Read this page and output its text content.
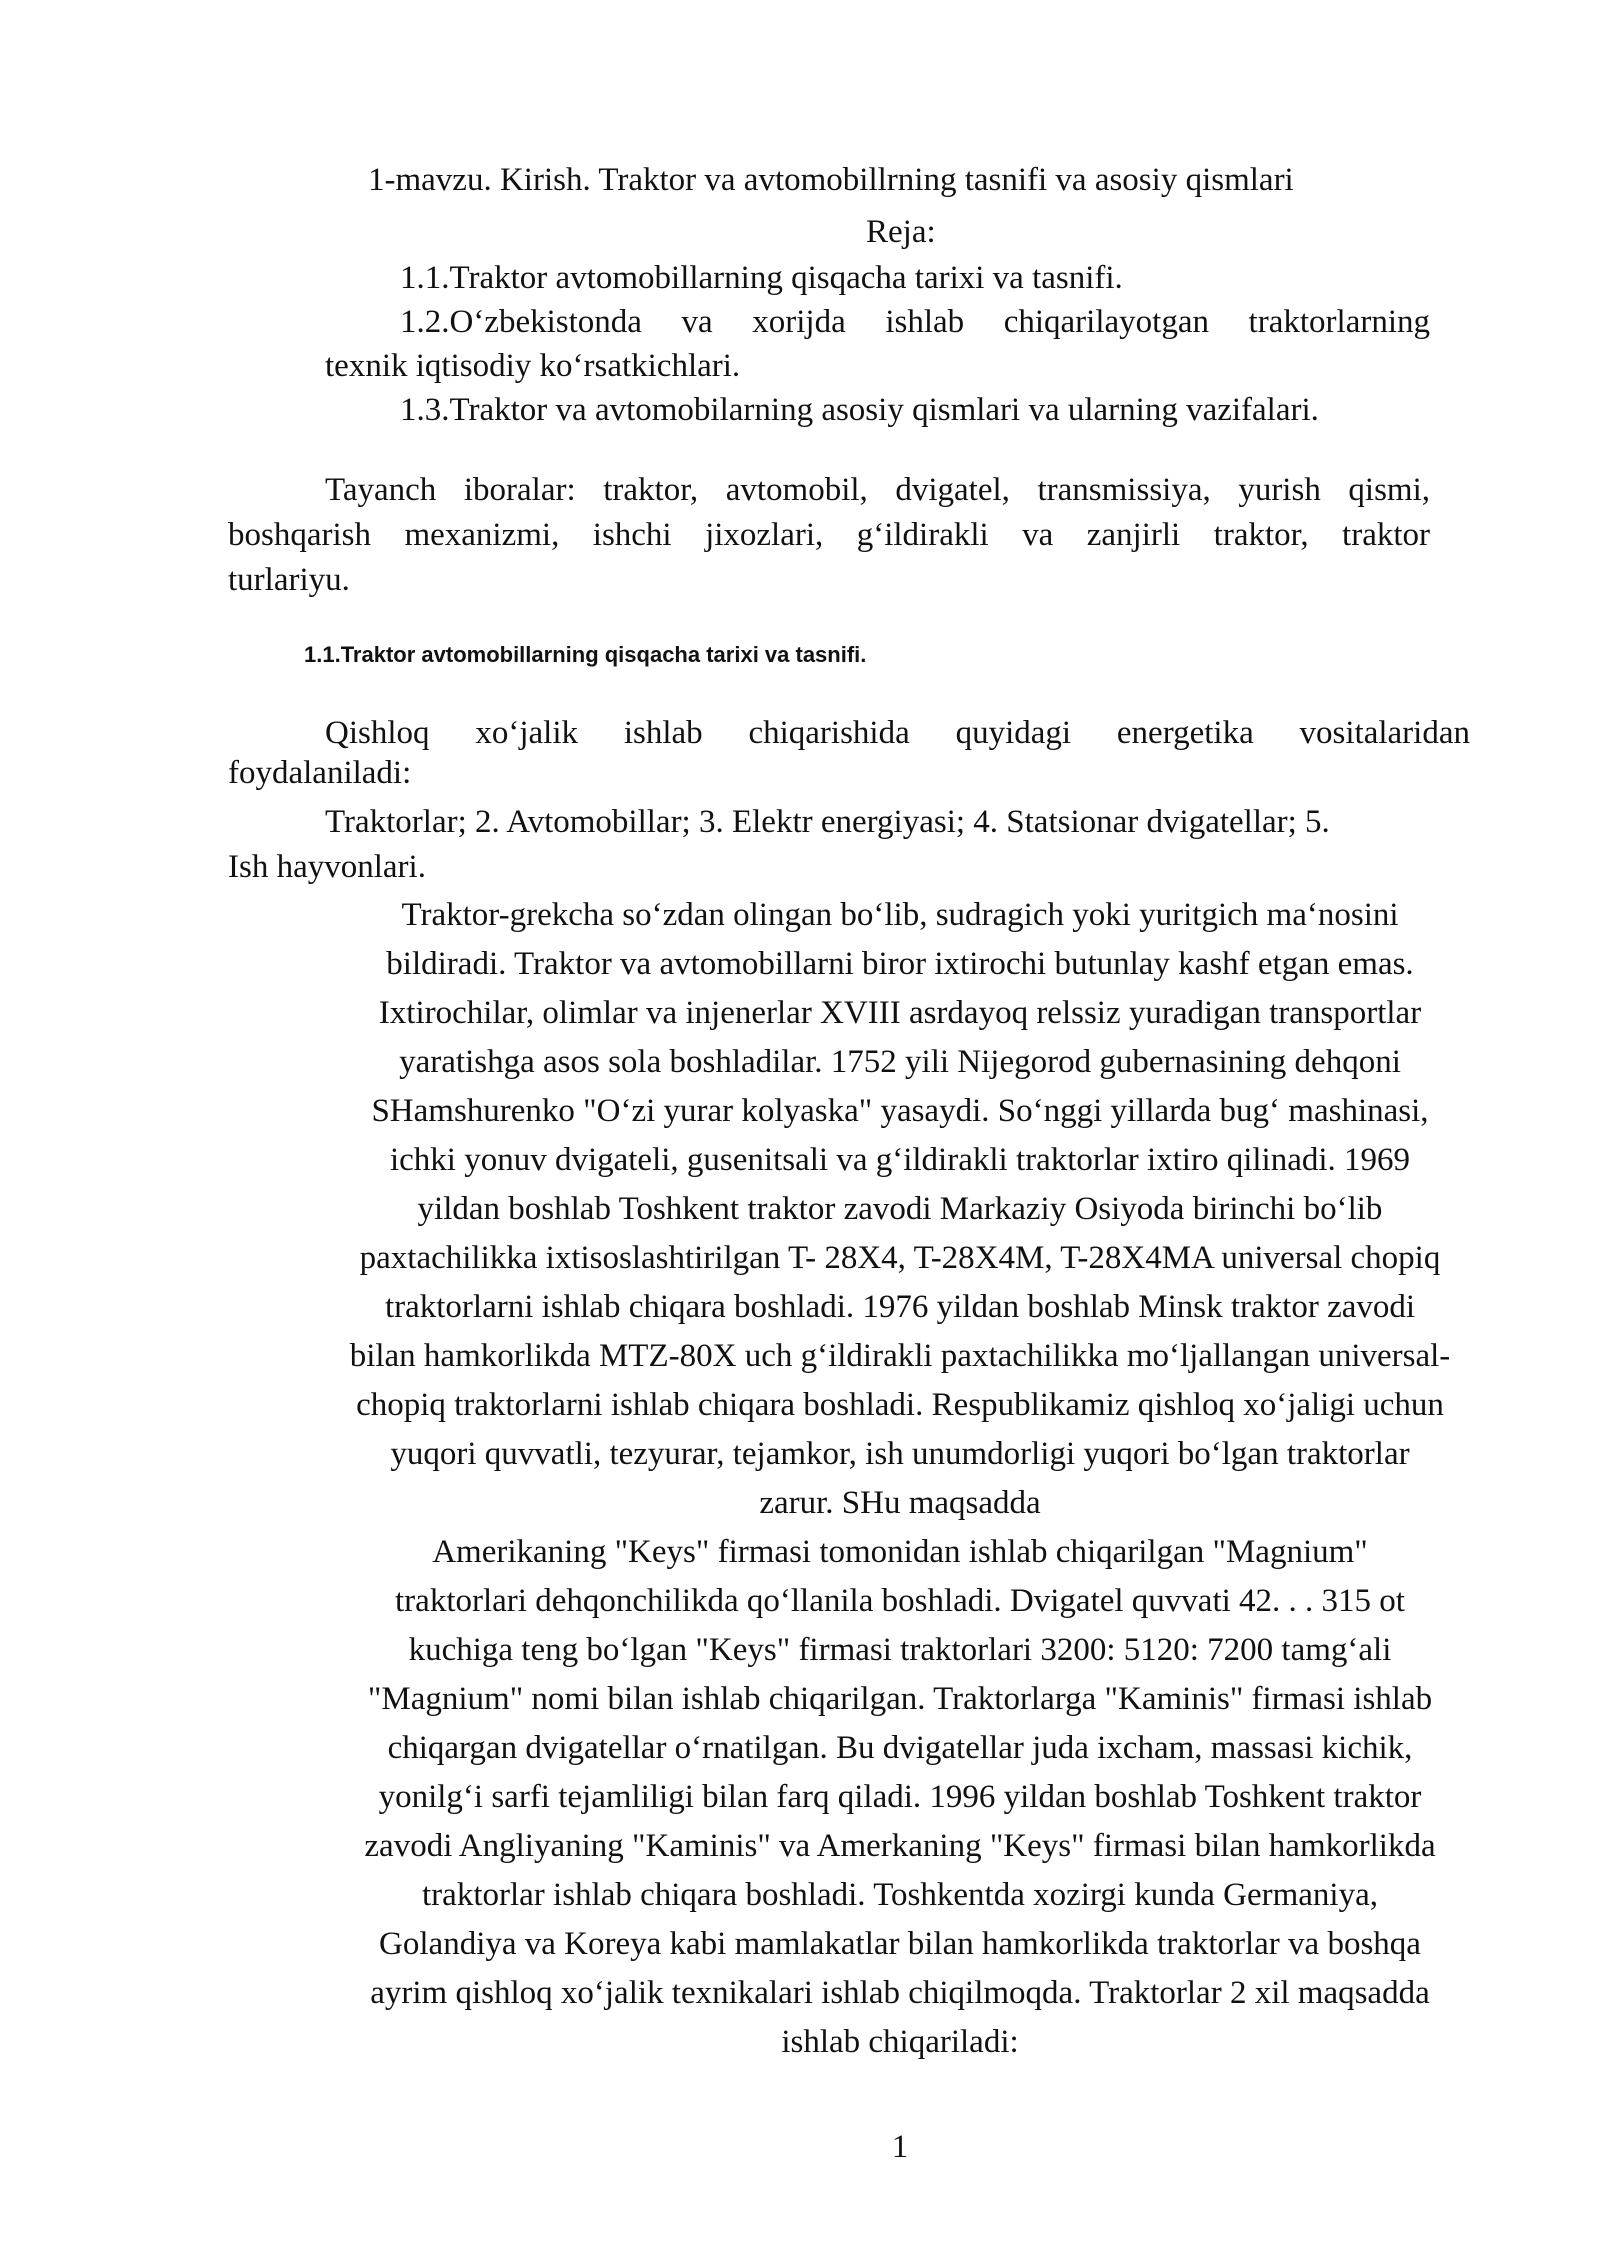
1-mavzu. Kirish. Traktor va avtomobillrning tasnifi va asosiy qismlari
Reja:
1.1.Traktor avtomobillarning qisqacha tarixi va tasnifi.
1.2.O‘zbekistonda va xorijda ishlab chiqarilayotgan traktorlarning
texnik iqtisodiy ko‘rsatkichlari.
1.3.Traktor va avtomobilarning asosiy qismlari va ularning vazifalari.
Tayanch iboralar: traktor, avtomobil, dvigatel, transmissiya, yurish qismi,
boshqarish mexanizmi, ishchi jixozlari, g‘ildirakli va zanjirli traktor, traktor
turlariyu.
1.1.Traktor avtomobillarning qisqacha tarixi va tasnifi.
Qishloq xo‘jalik ishlab chiqarishida quyidagi energetika vositalaridan
foydalaniladi:
Traktorlar; 2. Avtomobillar; 3. Elektr energiyasi; 4. Statsionar dvigatellar; 5.
Ish hayvonlari.
Traktor-grekcha so‘zdan olingan bo‘lib, sudragich yoki yuritgich ma‘nosini
bildiradi. Traktor va avtomobillarni biror ixtirochi butunlay kashf etgan emas.
Ixtirochilar, olimlar va injenerlar XVIII asrdayoq relssiz yuradigan transportlar
yaratishga asos sola boshladilar. 1752 yili Nijegorod gubernasining dehqoni
SHamshurenko "O‘zi yurar kolyaska" yasaydi. So‘nggi yillarda bug‘ mashinasi,
ichki yonuv dvigateli, gusenitsali va g‘ildirakli traktorlar ixtiro qilinadi. 1969
yildan boshlab Toshkent traktor zavodi Markaziy Osiyoda birinchi bo‘lib
paxtachilikka ixtisoslashtirilgan T- 28X4, T-28X4M, T-28X4MA universal chopiq
traktorlarni ishlab chiqara boshladi. 1976 yildan boshlab Minsk traktor zavodi
bilan hamkorlikda MTZ-80X uch g‘ildirakli paxtachilikka mo‘ljallangan universal-
chopiq traktorlarni ishlab chiqara boshladi. Respublikamiz qishloq xo‘jaligi uchun
yuqori quvvatli, tezyurar, tejamkor, ish unumdorligi yuqori bo‘lgan traktorlar
zarur. SHu maqsadda
Amerikaning "Keys" firmasi tomonidan ishlab chiqarilgan "Magnium"
traktorlari dehqonchilikda qo‘llanila boshladi. Dvigatel quvvati 42. . . 315 ot
kuchiga teng bo‘lgan "Keys" firmasi traktorlari 3200: 5120: 7200 tamg‘ali
"Magnium" nomi bilan ishlab chiqarilgan. Traktorlarga "Kaminis" firmasi ishlab
chiqargan dvigatellar o‘rnatilgan. Bu dvigatellar juda ixcham, massasi kichik,
yonilg‘i sarfi tejamliligi bilan farq qiladi. 1996 yildan boshlab Toshkent traktor
zavodi Angliyaning "Kaminis" va Amerkaning "Keys" firmasi bilan hamkorlikda
traktorlar ishlab chiqara boshladi. Toshkentda xozirgi kunda Germaniya,
Golandiya va Koreya kabi mamlakatlar bilan hamkorlikda traktorlar va boshqa
ayrim qishloq xo‘jalik texnikalari ishlab chiqilmoqda. Traktorlar 2 xil maqsadda
ishlab chiqariladi:
1
